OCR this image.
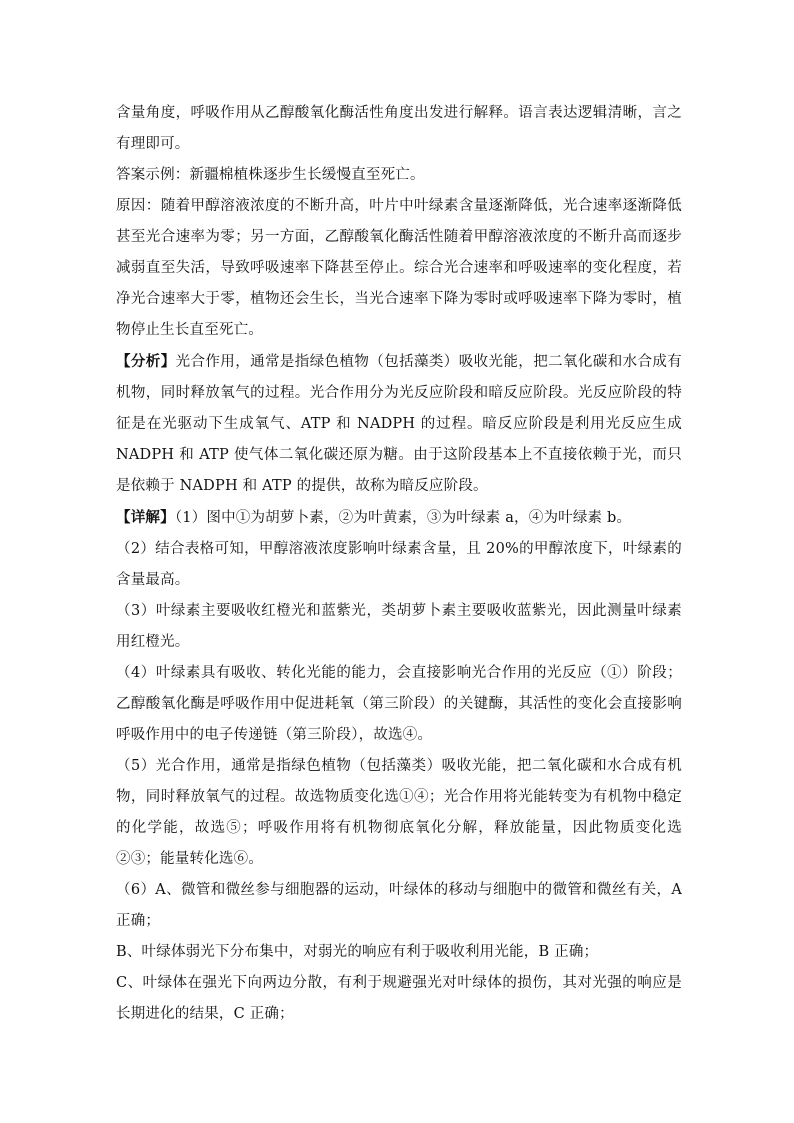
含量角度，呼吸作用从乙醇酸氧化酶活性角度出发进行解释。语言表达逻辑清晰，言之有理即可。

答案示例：新疆棉植株逐步生长缓慢直至死亡。

原因：随着甲醇溶液浓度的不断升高，叶片中叶绿素含量逐渐降低，光合速率逐渐降低甚至光合速率为零；另一方面，乙醇酸氧化酶活性随着甲醇溶液浓度的不断升高而逐步减弱直至失活，导致呼吸速率下降甚至停止。综合光合速率和呼吸速率的变化程度，若净光合速率大于零，植物还会生长，当光合速率下降为零时或呼吸速率下降为零时，植物停止生长直至死亡。

【分析】光合作用，通常是指绿色植物（包括藻类）吸收光能，把二氧化碳和水合成有机物，同时释放氧气的过程。光合作用分为光反应阶段和暗反应阶段。光反应阶段的特征是在光驱动下生成氧气、ATP 和 NADPH 的过程。暗反应阶段是利用光反应生成 NADPH 和 ATP 使气体二氧化碳还原为糖。由于这阶段基本上不直接依赖于光，而只是依赖于 NADPH 和 ATP 的提供，故称为暗反应阶段。

【详解】（1）图中①为胡萝卜素，②为叶黄素，③为叶绿素 a，④为叶绿素 b。

（2）结合表格可知，甲醇溶液浓度影响叶绿素含量，且 20%的甲醇浓度下，叶绿素的含量最高。

（3）叶绿素主要吸收红橙光和蓝紫光，类胡萝卜素主要吸收蓝紫光，因此测量叶绿素用红橙光。

（4）叶绿素具有吸收、转化光能的能力，会直接影响光合作用的光反应（①）阶段；乙醇酸氧化酶是呼吸作用中促进耗氧（第三阶段）的关键酶，其活性的变化会直接影响呼吸作用中的电子传递链（第三阶段），故选④。

（5）光合作用，通常是指绿色植物（包括藻类）吸收光能，把二氧化碳和水合成有机物，同时释放氧气的过程。故选物质变化选①④；光合作用将光能转变为有机物中稳定的化学能，故选⑤；呼吸作用将有机物彻底氧化分解，释放能量，因此物质变化选②③；能量转化选⑥。

（6）A、微管和微丝参与细胞器的运动，叶绿体的移动与细胞中的微管和微丝有关，A 正确；

B、叶绿体弱光下分布集中，对弱光的响应有利于吸收利用光能，B 正确；

C、叶绿体在强光下向两边分散，有利于规避强光对叶绿体的损伤，其对光强的响应是长期进化的结果，C 正确；
